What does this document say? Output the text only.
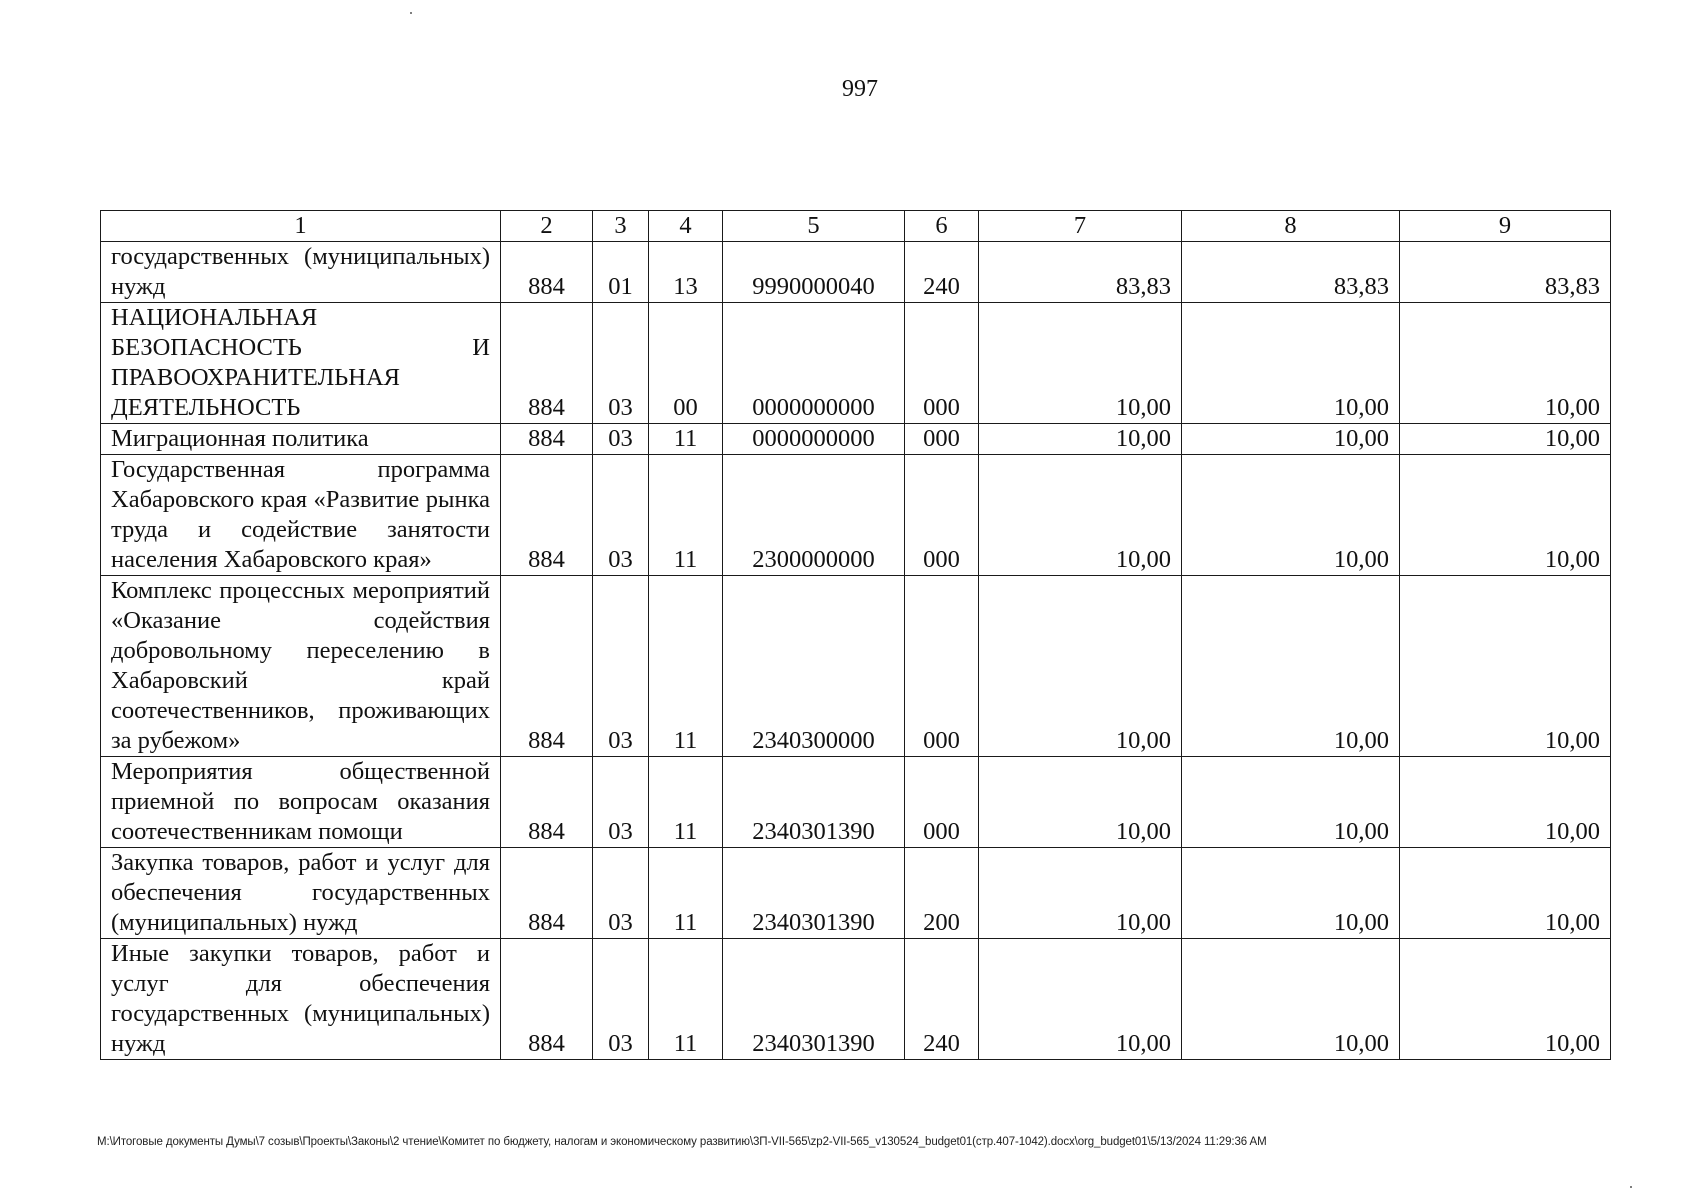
997
1	2	3	4	5	6	7	8	9
государственных (муниципальных) нужд	884	01	13	9990000040	240	83,83	83,83	83,83
НАЦИОНАЛЬНАЯ БЕЗОПАСНОСТЬ И ПРАВООХРАНИТЕЛЬНАЯ ДЕЯТЕЛЬНОСТЬ	884	03	00	0000000000	000	10,00	10,00	10,00
Миграционная политика	884	03	11	0000000000	000	10,00	10,00	10,00
Государственная программа Хабаровского края «Развитие рынка труда и содействие занятости населения Хабаровского края»	884	03	11	2300000000	000	10,00	10,00	10,00
Комплекс процессных мероприятий «Оказание содействия добровольному переселению в Хабаровский край соотечественников, проживающих за рубежом»	884	03	11	2340300000	000	10,00	10,00	10,00
Мероприятия общественной приемной по вопросам оказания соотечественникам помощи	884	03	11	2340301390	000	10,00	10,00	10,00
Закупка товаров, работ и услуг для обеспечения государственных (муниципальных) нужд	884	03	11	2340301390	200	10,00	10,00	10,00
Иные закупки товаров, работ и услуг для обеспечения государственных (муниципальных) нужд	884	03	11	2340301390	240	10,00	10,00	10,00
M:\Итоговые документы Думы\7 созыв\Проекты\Законы\2 чтение\Комитет по бюджету, налогам и экономическому развитию\3П-VII-565\zp2-VII-565_v130524_budget01(стр.407-1042).docx\org_budget01\5/13/2024 11:29:36 AM
